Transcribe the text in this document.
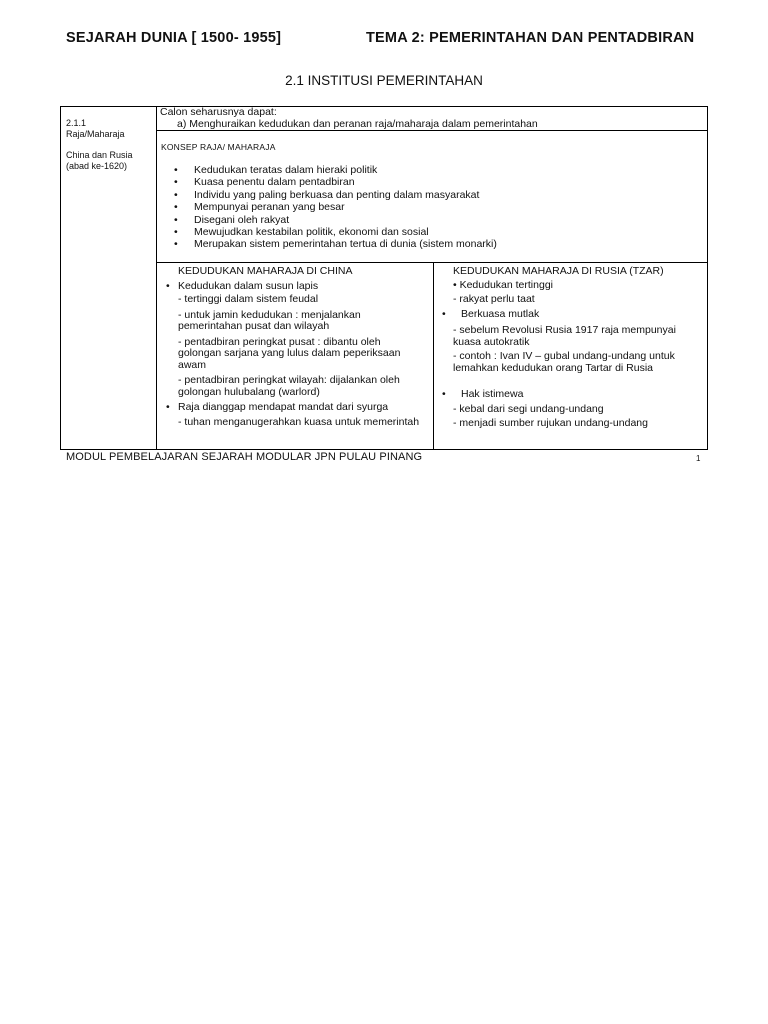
SEJARAH DUNIA [ 1500- 1955]	TEMA 2: PEMERINTAHAN DAN PENTADBIRAN
2.1 INSTITUSI PEMERINTAHAN
2.1.1
Raja/Maharaja
China dan Rusia
(abad ke-1620)
Calon seharusnya dapat:
a) Menghuraikan kedudukan dan peranan raja/maharaja dalam pemerintahan
KONSEP RAJA/ MAHARAJA
• Kedudukan teratas dalam hieraki politik
• Kuasa penentu dalam pentadbiran
• Individu yang paling berkuasa dan penting dalam masyarakat
• Mempunyai peranan yang besar
• Disegani oleh rakyat
• Mewujudkan kestabilan politik, ekonomi dan sosial
• Merupakan sistem pemerintahan tertua di dunia (sistem monarki)
KEDUDUKAN MAHARAJA DI CHINA
• Kedudukan dalam susun lapis
- tertinggi dalam sistem feudal
- untuk jamin kedudukan : menjalankan pemerintahan pusat dan wilayah
- pentadbiran peringkat pusat : dibantu oleh golongan sarjana yang lulus dalam peperiksaan awam
- pentadbiran peringkat wilayah: dijalankan oleh golongan hulubalang (warlord)
• Raja dianggap mendapat mandat dari syurga
- tuhan menganugerahkan kuasa untuk memerintah
KEDUDUKAN MAHARAJA DI RUSIA (TZAR)
• Kedudukan tertinggi
- rakyat perlu taat
• Berkuasa mutlak
- sebelum Revolusi Rusia 1917 raja mempunyai kuasa autokratik
- contoh : Ivan IV – gubal undang-undang untuk lemahkan kedudukan orang Tartar di Rusia
• Hak istimewa
- kebal dari segi undang-undang
- menjadi sumber rujukan undang-undang
MODUL PEMBELAJARAN SEJARAH MODULAR JPN PULAU PINANG	1
